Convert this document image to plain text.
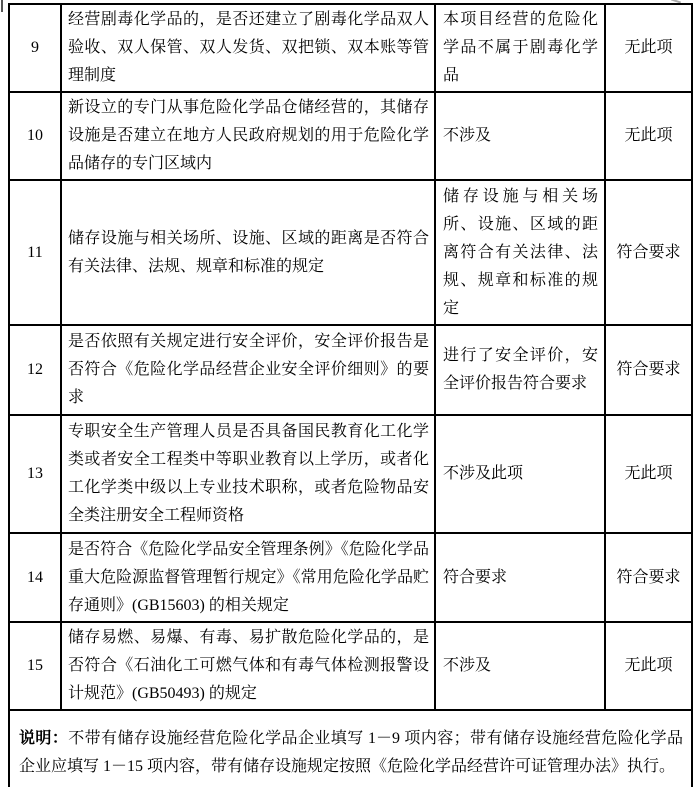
9	经营剧毒化学品的，是否还建立了剧毒化学品双人验收、双人保管、双人发货、双把锁、双本账等管理制度	本项目经营的危险化学品不属于剧毒化学品	无此项
10	新设立的专门从事危险化学品仓储经营的，其储存设施是否建立在地方人民政府规划的用于危险化学品储存的专门区域内	不涉及	无此项
11	储存设施与相关场所、设施、区域的距离是否符合有关法律、法规、规章和标准的规定	储存设施与相关场所、设施、区域的距离符合有关法律、法规、规章和标准的规定	符合要求
12	是否依照有关规定进行安全评价，安全评价报告是否符合《危险化学品经营企业安全评价细则》的要求	进行了安全评价，安全评价报告符合要求	符合要求
13	专职安全生产管理人员是否具备国民教育化工化学类或者安全工程类中等职业教育以上学历，或者化工化学类中级以上专业技术职称，或者危险物品安全类注册安全工程师资格	不涉及此项	无此项
14	是否符合《危险化学品安全管理条例》《危险化学品重大危险源监督管理暂行规定》《常用危险化学品贮存通则》(GB15603) 的相关规定	符合要求	符合要求
15	储存易燃、易爆、有毒、易扩散危险化学品的，是否符合《石油化工可燃气体和有毒气体检测报警设计规范》(GB50493) 的规定	不涉及	无此项
说明：不带有储存设施经营危险化学品企业填写 1－9 项内容；带有储存设施经营危险化学品企业应填写 1－15 项内容，带有储存设施规定按照《危险化学品经营许可证管理办法》执行。			
